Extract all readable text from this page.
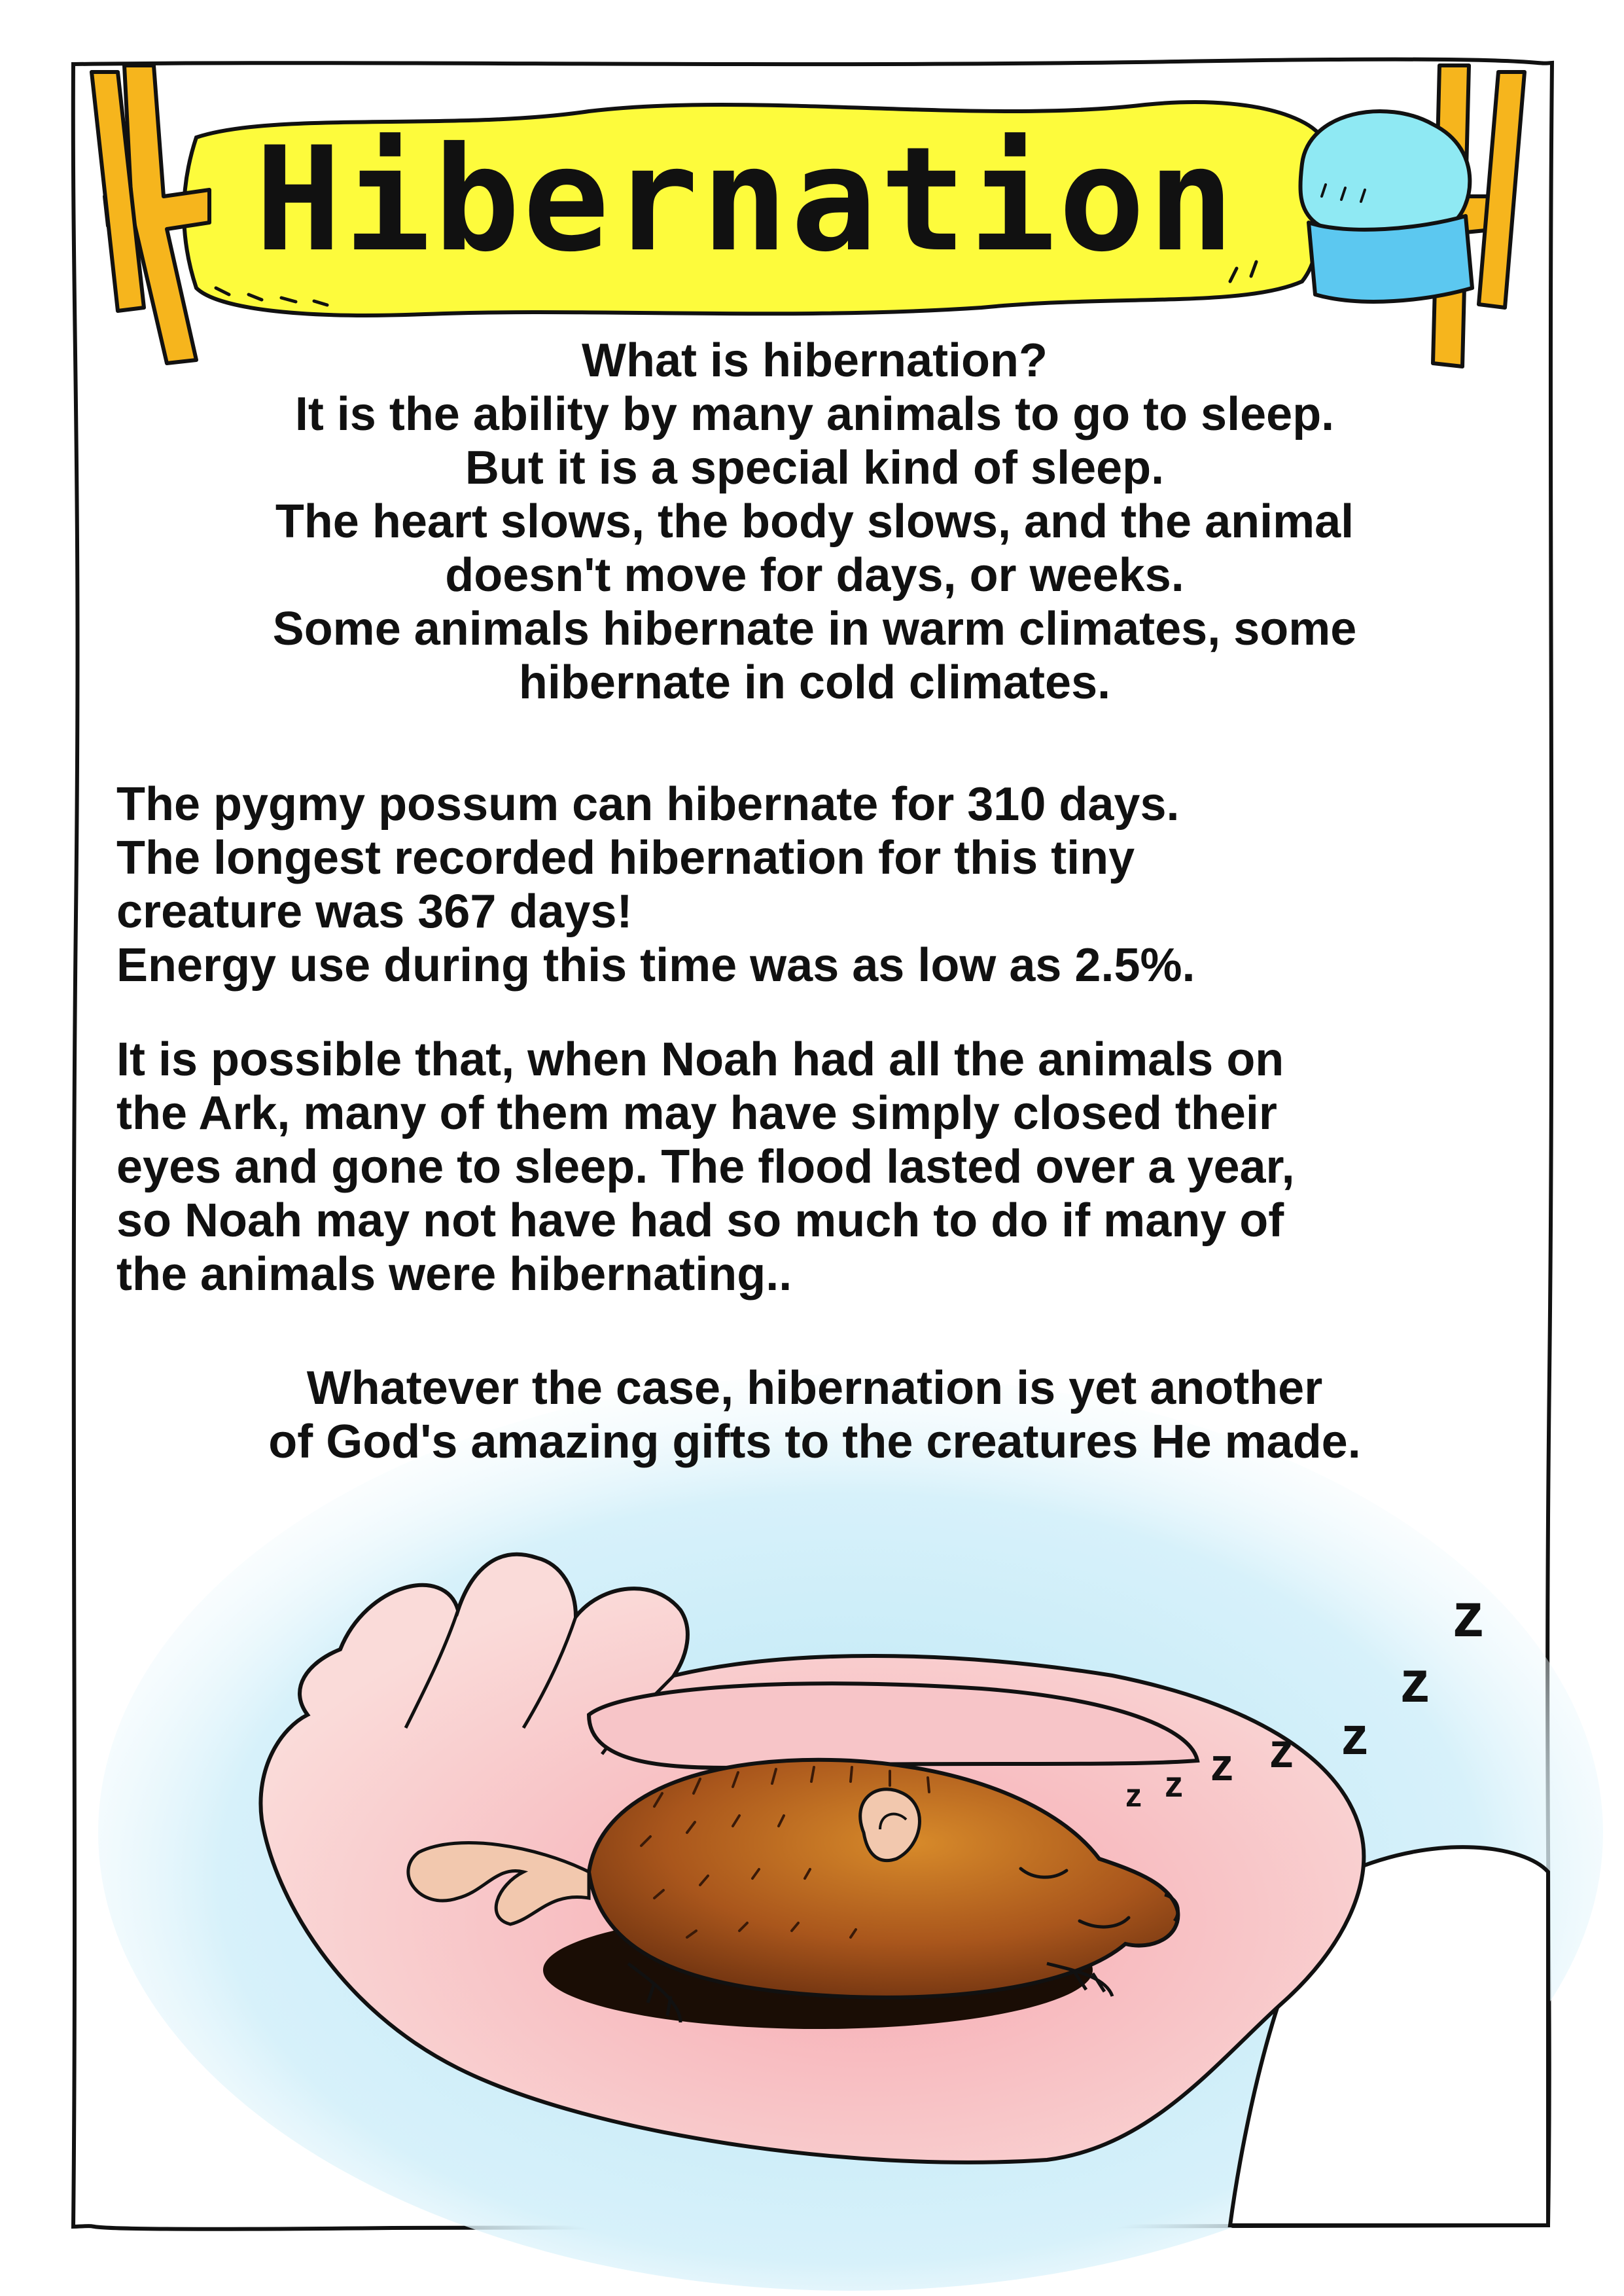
z z z z z
z
z
Hibernation
What is hibernation?
It is the ability by many animals to go to sleep.
But it is a special kind of sleep.
The heart slows, the body slows, and the animal
doesn't move for days, or weeks.
Some animals hibernate in warm climates, some
hibernate in cold climates.
The pygmy possum can hibernate for 310 days.
The longest recorded hibernation for this tiny
creature was 367 days!
Energy use during this time was as low as 2.5%.
It is possible that, when Noah had all the animals on
the Ark, many of them may have simply closed their
eyes and gone to sleep. The flood lasted over a year,
so Noah may not have had so much to do if many of
the animals were hibernating..
Whatever the case, hibernation is yet another
of God's amazing gifts to the creatures He made.
